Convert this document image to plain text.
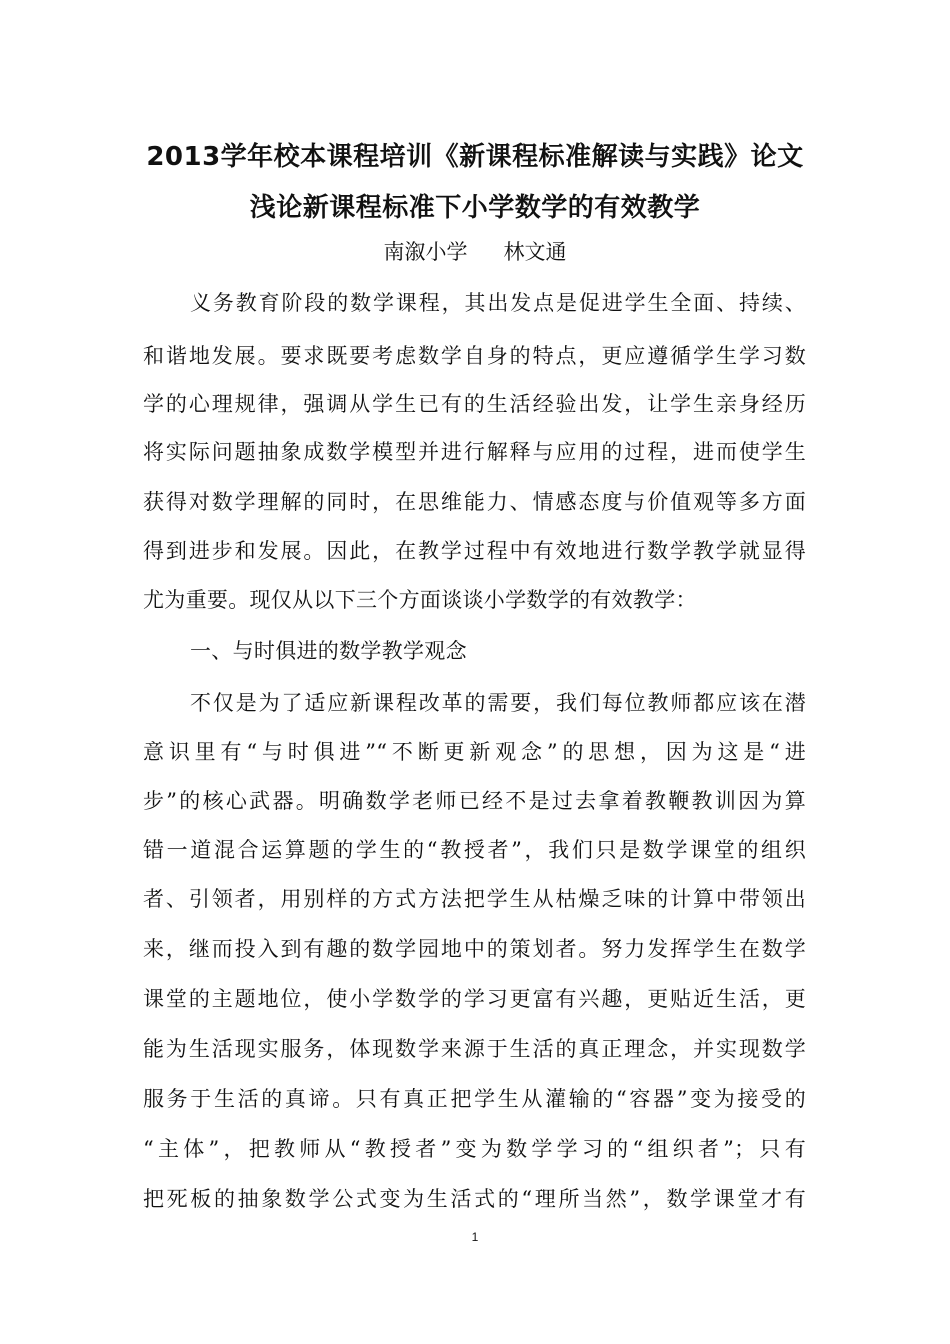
2013学年校本课程培训《新课程标准解读与实践》论文
浅论新课程标准下小学数学的有效教学
南溆小学 林文通
义务教育阶段的数学课程，其出发点是促进学生全面、持续、
和谐地发展。要求既要考虑数学自身的特点，更应遵循学生学习数
学的心理规律，强调从学生已有的生活经验出发，让学生亲身经历
将实际问题抽象成数学模型并进行解释与应用的过程，进而使学生
获得对数学理解的同时，在思维能力、情感态度与价值观等多方面
得到进步和发展。因此，在教学过程中有效地进行数学教学就显得
尤为重要。现仅从以下三个方面谈谈小学数学的有效教学：
一、与时俱进的数学教学观念
不仅是为了适应新课程改革的需要，我们每位教师都应该在潜
意识里有“与时俱进”“不断更新观念”的思想，因为这是“进
步”的核心武器。明确数学老师已经不是过去拿着教鞭教训因为算
错一道混合运算题的学生的“教授者”，我们只是数学课堂的组织
者、引领者，用别样的方式方法把学生从枯燥乏味的计算中带领出
来，继而投入到有趣的数学园地中的策划者。努力发挥学生在数学
课堂的主题地位，使小学数学的学习更富有兴趣，更贴近生活，更
能为生活现实服务，体现数学来源于生活的真正理念，并实现数学
服务于生活的真谛。只有真正把学生从灌输的“容器”变为接受的
“主体”，把教师从“教授者”变为数学学习的“组织者”；只有
把死板的抽象数学公式变为生活式的“理所当然”，数学课堂才有
1
